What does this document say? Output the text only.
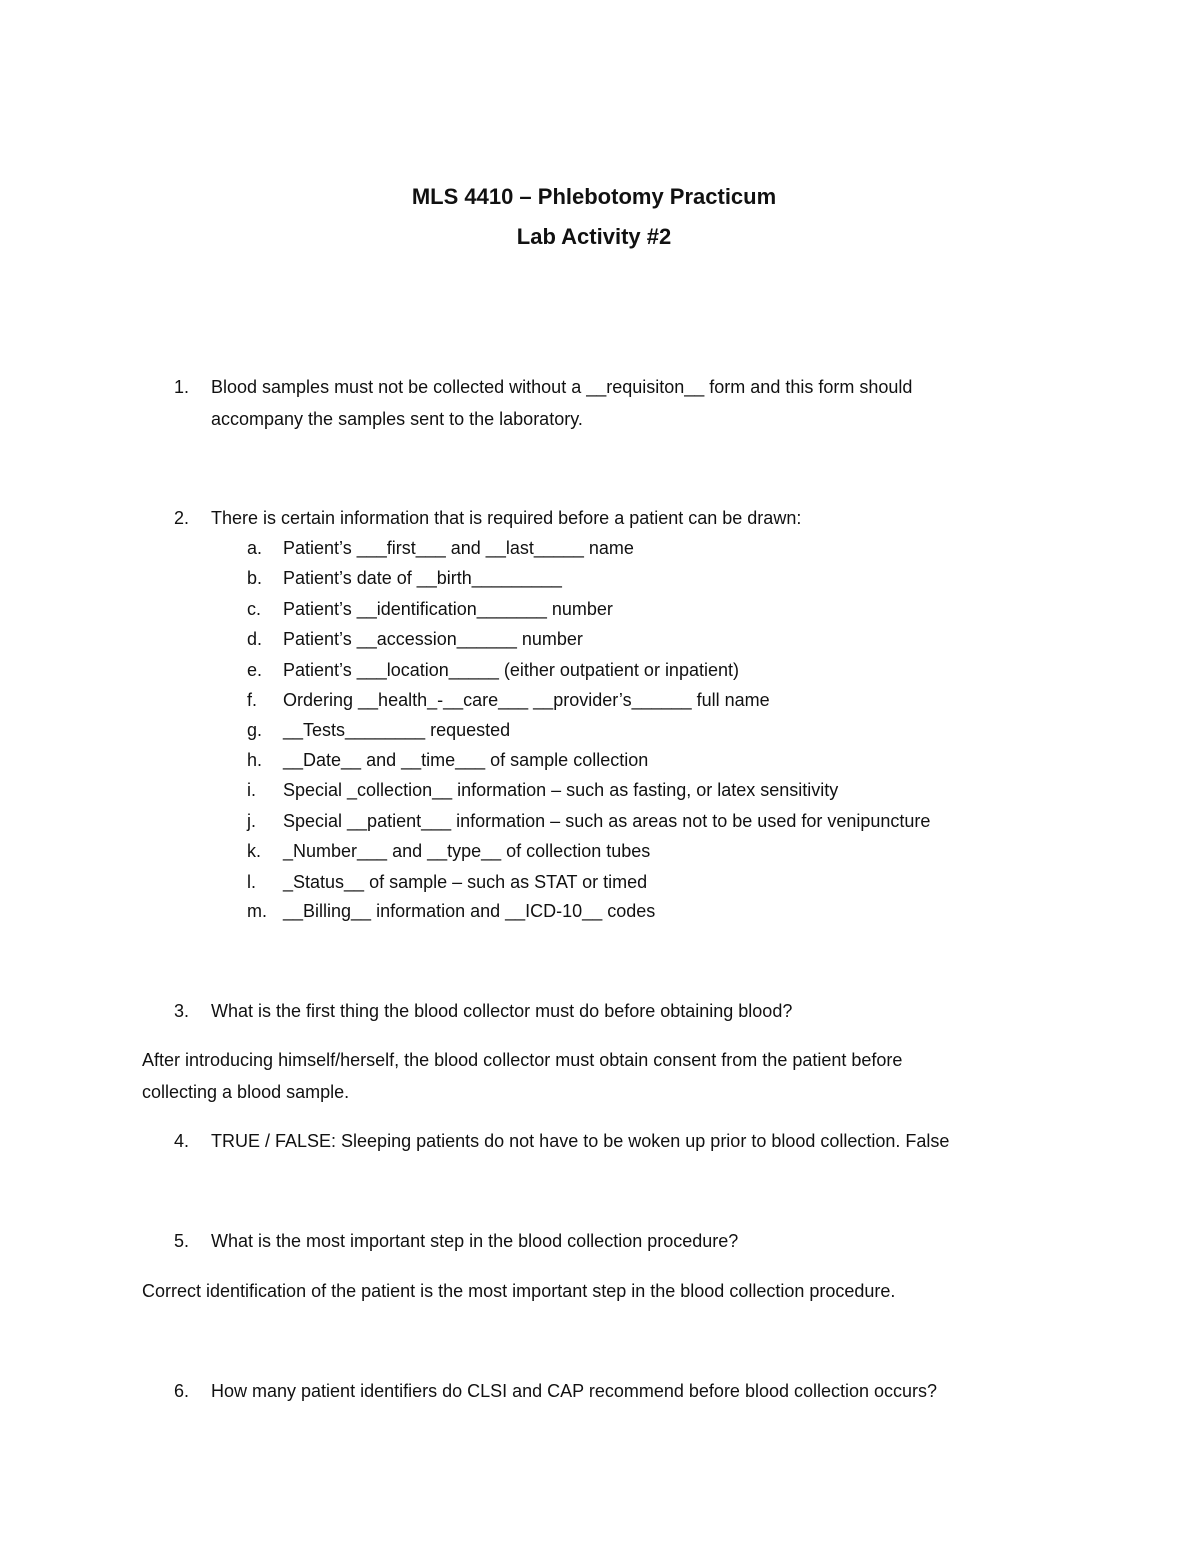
MLS 4410 – Phlebotomy Practicum
Lab Activity #2
1. Blood samples must not be collected without a __requisiton__ form and this form should
accompany the samples sent to the laboratory.
2. There is certain information that is required before a patient can be drawn:
a. Patient’s ___first___ and __last_____ name
b. Patient’s date of __birth_________
c. Patient’s __identification_______ number
d. Patient’s __accession______ number
e. Patient’s ___location_____ (either outpatient or inpatient)
f. Ordering __health_-__care___ __provider’s______ full name
g. __Tests________ requested
h. __Date__ and __time___ of sample collection
i. Special _collection__ information – such as fasting, or latex sensitivity
j. Special __patient___ information – such as areas not to be used for venipuncture
k. _Number___ and __type__ of collection tubes
l. _Status__ of sample – such as STAT or timed
m. __Billing__ information and __ICD-10__ codes
3. What is the first thing the blood collector must do before obtaining blood?
After introducing himself/herself, the blood collector must obtain consent from the patient before
collecting a blood sample.
4. TRUE / FALSE: Sleeping patients do not have to be woken up prior to blood collection. False
5. What is the most important step in the blood collection procedure?
Correct identification of the patient is the most important step in the blood collection procedure.
6. How many patient identifiers do CLSI and CAP recommend before blood collection occurs?
